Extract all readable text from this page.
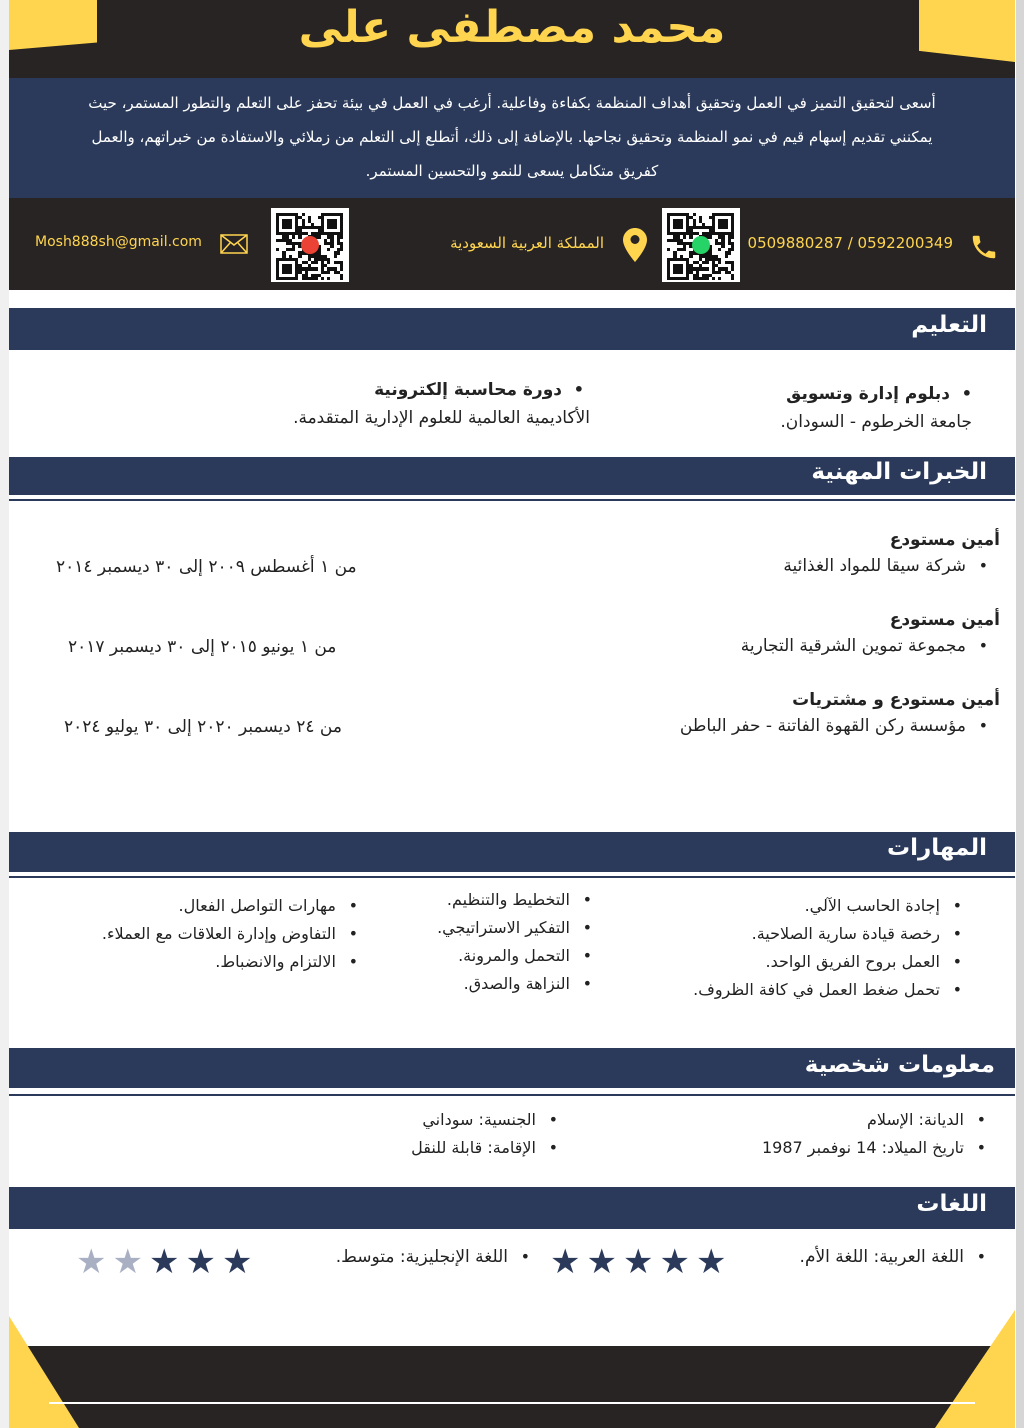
محمد مصطفى على

أسعى لتحقيق التميز في العمل وتحقيق أهداف المنظمة بكفاءة وفاعلية. أرغب في العمل في بيئة تحفز على التعلم والتطور المستمر، حيث يمكنني تقديم إسهام قيم في نمو المنظمة وتحقيق نجاحها. بالإضافة إلى ذلك، أتطلع إلى التعلم من زملائي والاستفادة من خبراتهم، والعمل كفريق متكامل يسعى للنمو والتحسين المستمر.

0509880287 / 0592200349
المملكة العربية السعودية
Mosh888sh@gmail.com
التعليم
• دبلوم إدارة وتسويق
جامعة الخرطوم - السودان.
• دورة محاسبة إلكترونية
الأكاديمية العالمية للعلوم الإدارية المتقدمة.
الخبرات المهنية
أمين مستودع
• شركة سيقا للمواد الغذائية
من ١ أغسطس ٢٠٠٩ إلى ٣٠ ديسمبر ٢٠١٤
أمين مستودع
• مجموعة تموين الشرقية التجارية
من ١ يونيو ٢٠١٥ إلى ٣٠ ديسمبر ٢٠١٧
أمين مستودع و مشتريات
• مؤسسة ركن القهوة الفاتنة - حفر الباطن
من ٢٤ ديسمبر ٢٠٢٠ إلى ٣٠ يوليو ٢٠٢٤
المهارات
• إجادة الحاسب الآلي.
• رخصة قيادة سارية الصلاحية.
• العمل بروح الفريق الواحد.
• تحمل ضغط العمل في كافة الظروف.
• التخطيط والتنظيم.
• التفكير الاستراتيجي.
• التحمل والمرونة.
• النزاهة والصدق.
• مهارات التواصل الفعال.
• التفاوض وإدارة العلاقات مع العملاء.
• الالتزام والانضباط.
معلومات شخصية
• الديانة: الإسلام
• تاريخ الميلاد: 14 نوفمبر 1987
• الجنسية: سوداني
• الإقامة: قابلة للنقل
اللغات
• اللغة العربية: اللغة الأم.
★★★★★
• اللغة الإنجليزية: متوسط.
★★★★★
